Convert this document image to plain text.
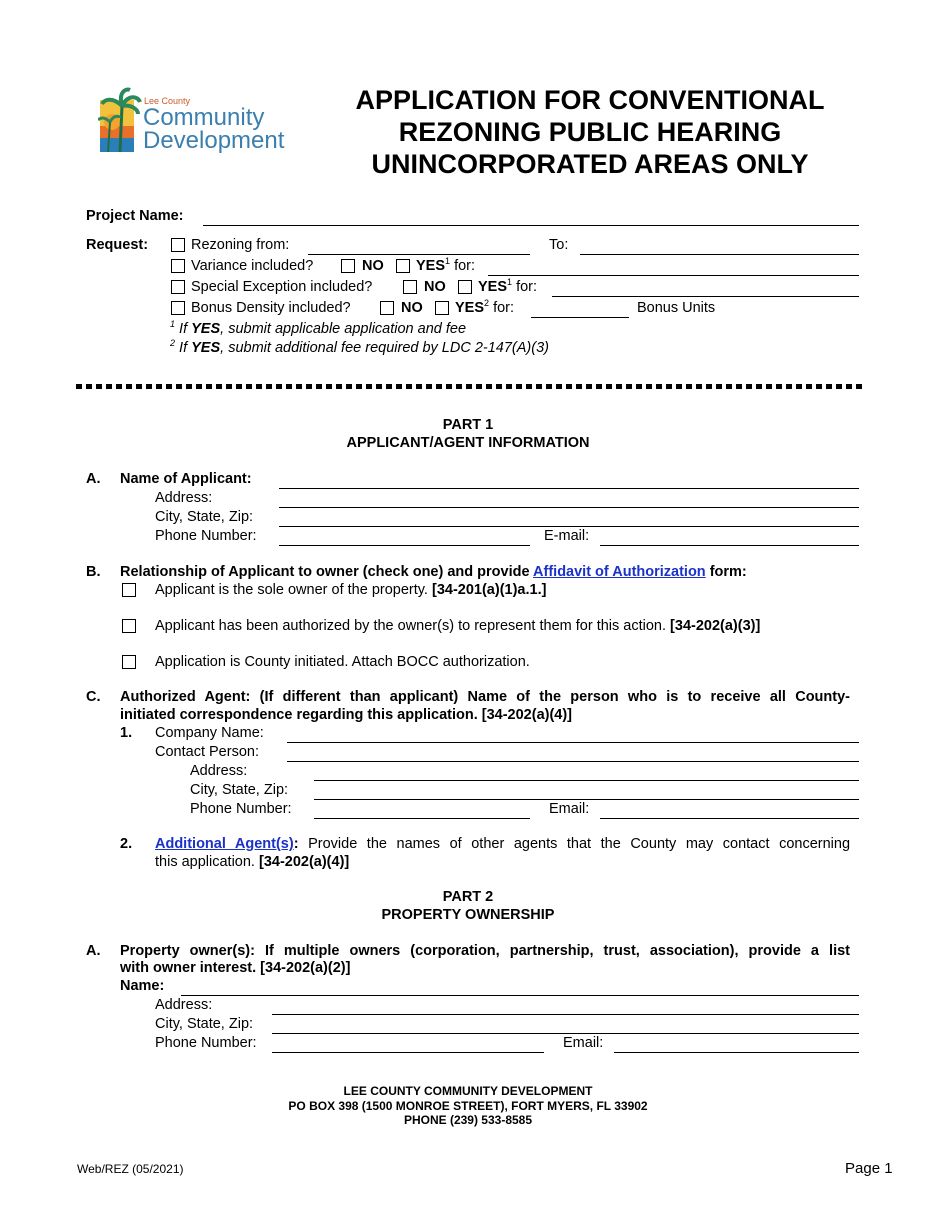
Lee County
Community
Development
APPLICATION FOR CONVENTIONAL
REZONING PUBLIC HEARING
UNINCORPORATED AREAS ONLY
Project Name:
Request:	Rezoning from:	To:
Variance included?	NO YES$^1$ for:
Special Exception included?	NO YES$^1$ for:
Bonus Density included?	NO YES$^2$ for:	Bonus Units
$^1$ If YES, submit applicable application and fee
$^2$ If YES, submit additional fee required by LDC 2-147(A)(3)
PART 1
APPLICANT/AGENT INFORMATION
A. Name of Applicant:
Address:
City, State, Zip:
Phone Number:	E-mail:
B. Relationship of Applicant to owner (check one) and provide Affidavit of Authorization form:
Applicant is the sole owner of the property. [34-201(a)(1)a.1.]
Applicant has been authorized by the owner(s) to represent them for this action. [34-202(a)(3)]
Application is County initiated. Attach BOCC authorization.
C. Authorized Agent: (If different than applicant) Name of the person who is to receive all County-
initiated correspondence regarding this application. [34-202(a)(4)]
1. Company Name:
Contact Person:
Address:
City, State, Zip:
Phone Number:	Email:
2. Additional Agent(s): Provide the names of other agents that the County may contact concerning
this application. [34-202(a)(4)]
PART 2
PROPERTY OWNERSHIP
A. Property owner(s): If multiple owners (corporation, partnership, trust, association), provide a list
with owner interest. [34-202(a)(2)]
Name:
Address:
City, State, Zip:
Phone Number:	Email:
LEE COUNTY COMMUNITY DEVELOPMENT
PO BOX 398 (1500 MONROE STREET), FORT MYERS, FL 33902
PHONE (239) 533-8585
Web/REZ (05/2021)	Page 1
